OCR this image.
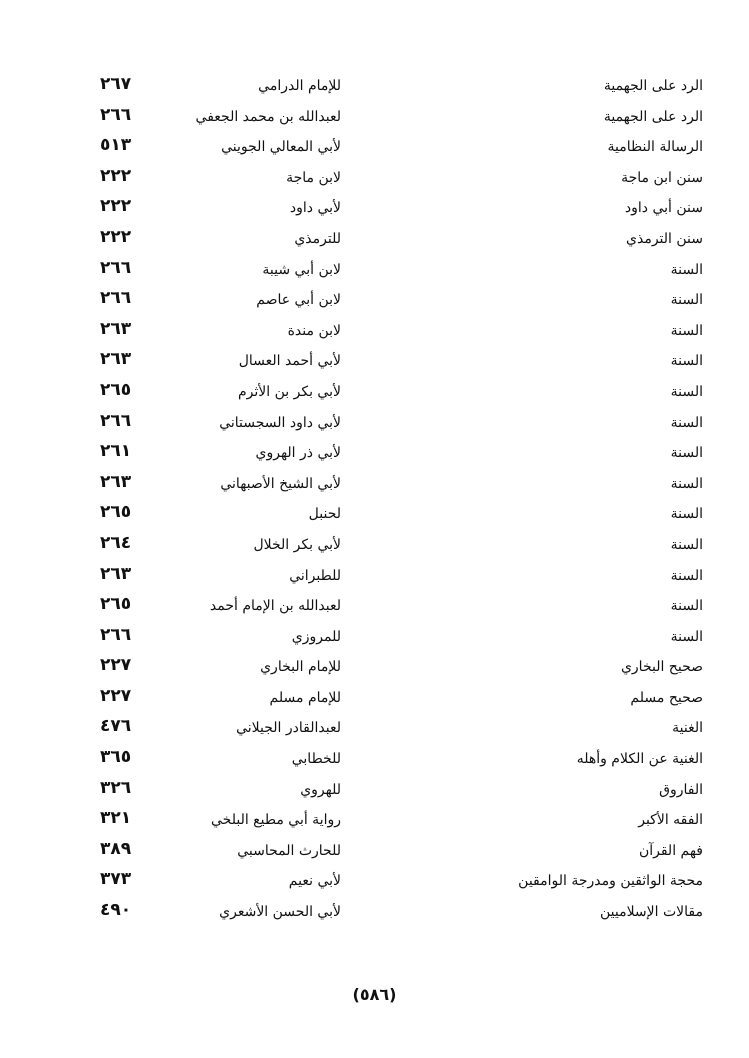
الرد على الجهمية
للإمام الدرامي
٢٦٧
الرد على الجهمية
لعبدالله بن محمد الجعفي
٢٦٦
الرسالة النظامية
لأبي المعالي الجويني
٥١٣
سنن ابن ماجة
لابن ماجة
٢٢٢
سنن أبي داود
لأبي داود
٢٢٢
سنن الترمذي
للترمذي
٢٢٢
السنة
لابن أبي شيبة
٢٦٦
السنة
لابن أبي عاصم
٢٦٦
السنة
لابن مندة
٢٦٣
السنة
لأبي أحمد العسال
٢٦٣
السنة
لأبي بكر بن الأثرم
٢٦٥
السنة
لأبي داود السجستاني
٢٦٦
السنة
لأبي ذر الهروي
٢٦١
السنة
لأبي الشيخ الأصبهاني
٢٦٣
السنة
لحنبل
٢٦٥
السنة
لأبي بكر الخلال
٢٦٤
السنة
للطبراني
٢٦٣
السنة
لعبدالله بن الإمام أحمد
٢٦٥
السنة
للمروزي
٢٦٦
صحيح البخاري
للإمام البخاري
٢٢٧
صحيح مسلم
للإمام مسلم
٢٢٧
الغنية
لعبدالقادر الجيلاني
٤٧٦
الغنية عن الكلام وأهله
للخطابي
٣٦٥
الفاروق
للهروي
٣٢٦
الفقه الأكبر
رواية أبي مطيع البلخي
٣٢١
فهم القرآن
للحارث المحاسبي
٣٨٩
محجة الواثقين ومدرجة الوامقين
لأبي نعيم
٣٧٣
مقالات الإسلاميين
لأبي الحسن الأشعري
٤٩٠
(٥٨٦)
